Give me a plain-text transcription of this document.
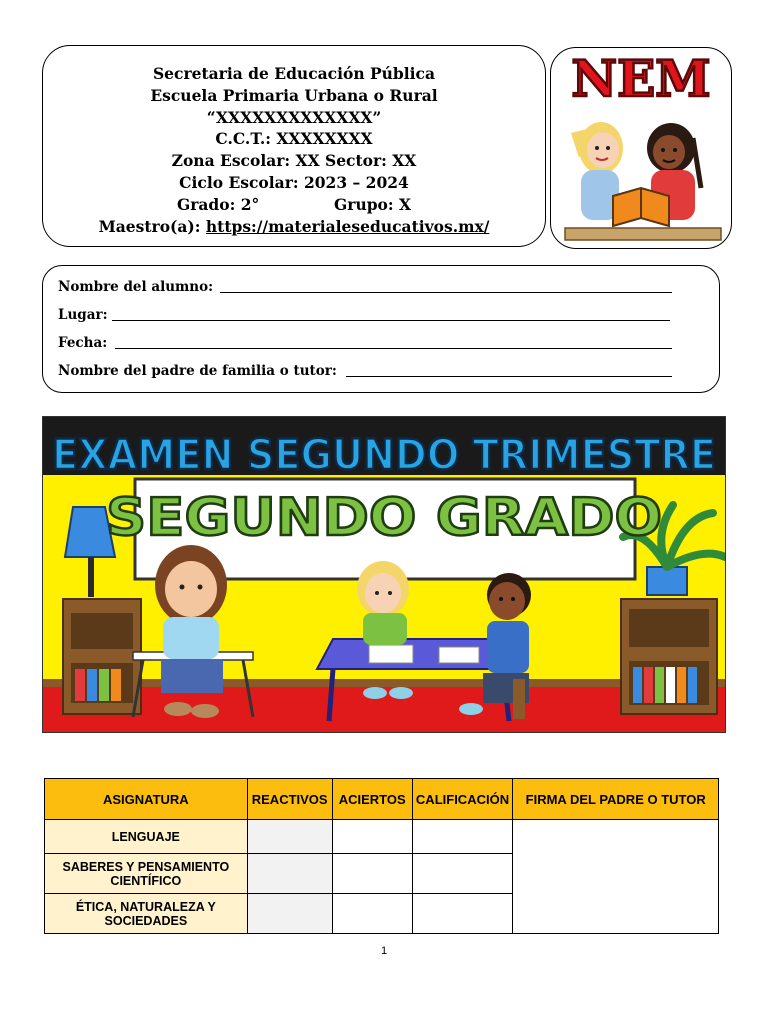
Secretaria de Educación Pública
Escuela Primaria Urbana o Rural
“XXXXXXXXXXXXX”
C.C.T.: XXXXXXXX
Zona Escolar: XX Sector: XX
Ciclo Escolar: 2023 – 2024
Grado: 2°	Grupo: X
Maestro(a): https://materialeseducativos.mx/
NEM
Nombre del alumno:
Lugar:
Fecha:
Nombre del padre de familia o tutor:
EXAMEN SEGUNDO TRIMESTRE
SEGUNDO GRADO
ASIGNATURA	REACTIVOS	ACIERTOS	CALIFICACIÓN	FIRMA DEL PADRE O TUTOR
LENGUAJE				
SABERES Y PENSAMIENTO CIENTÍFICO				
ÉTICA, NATURALEZA Y SOCIEDADES				
1
